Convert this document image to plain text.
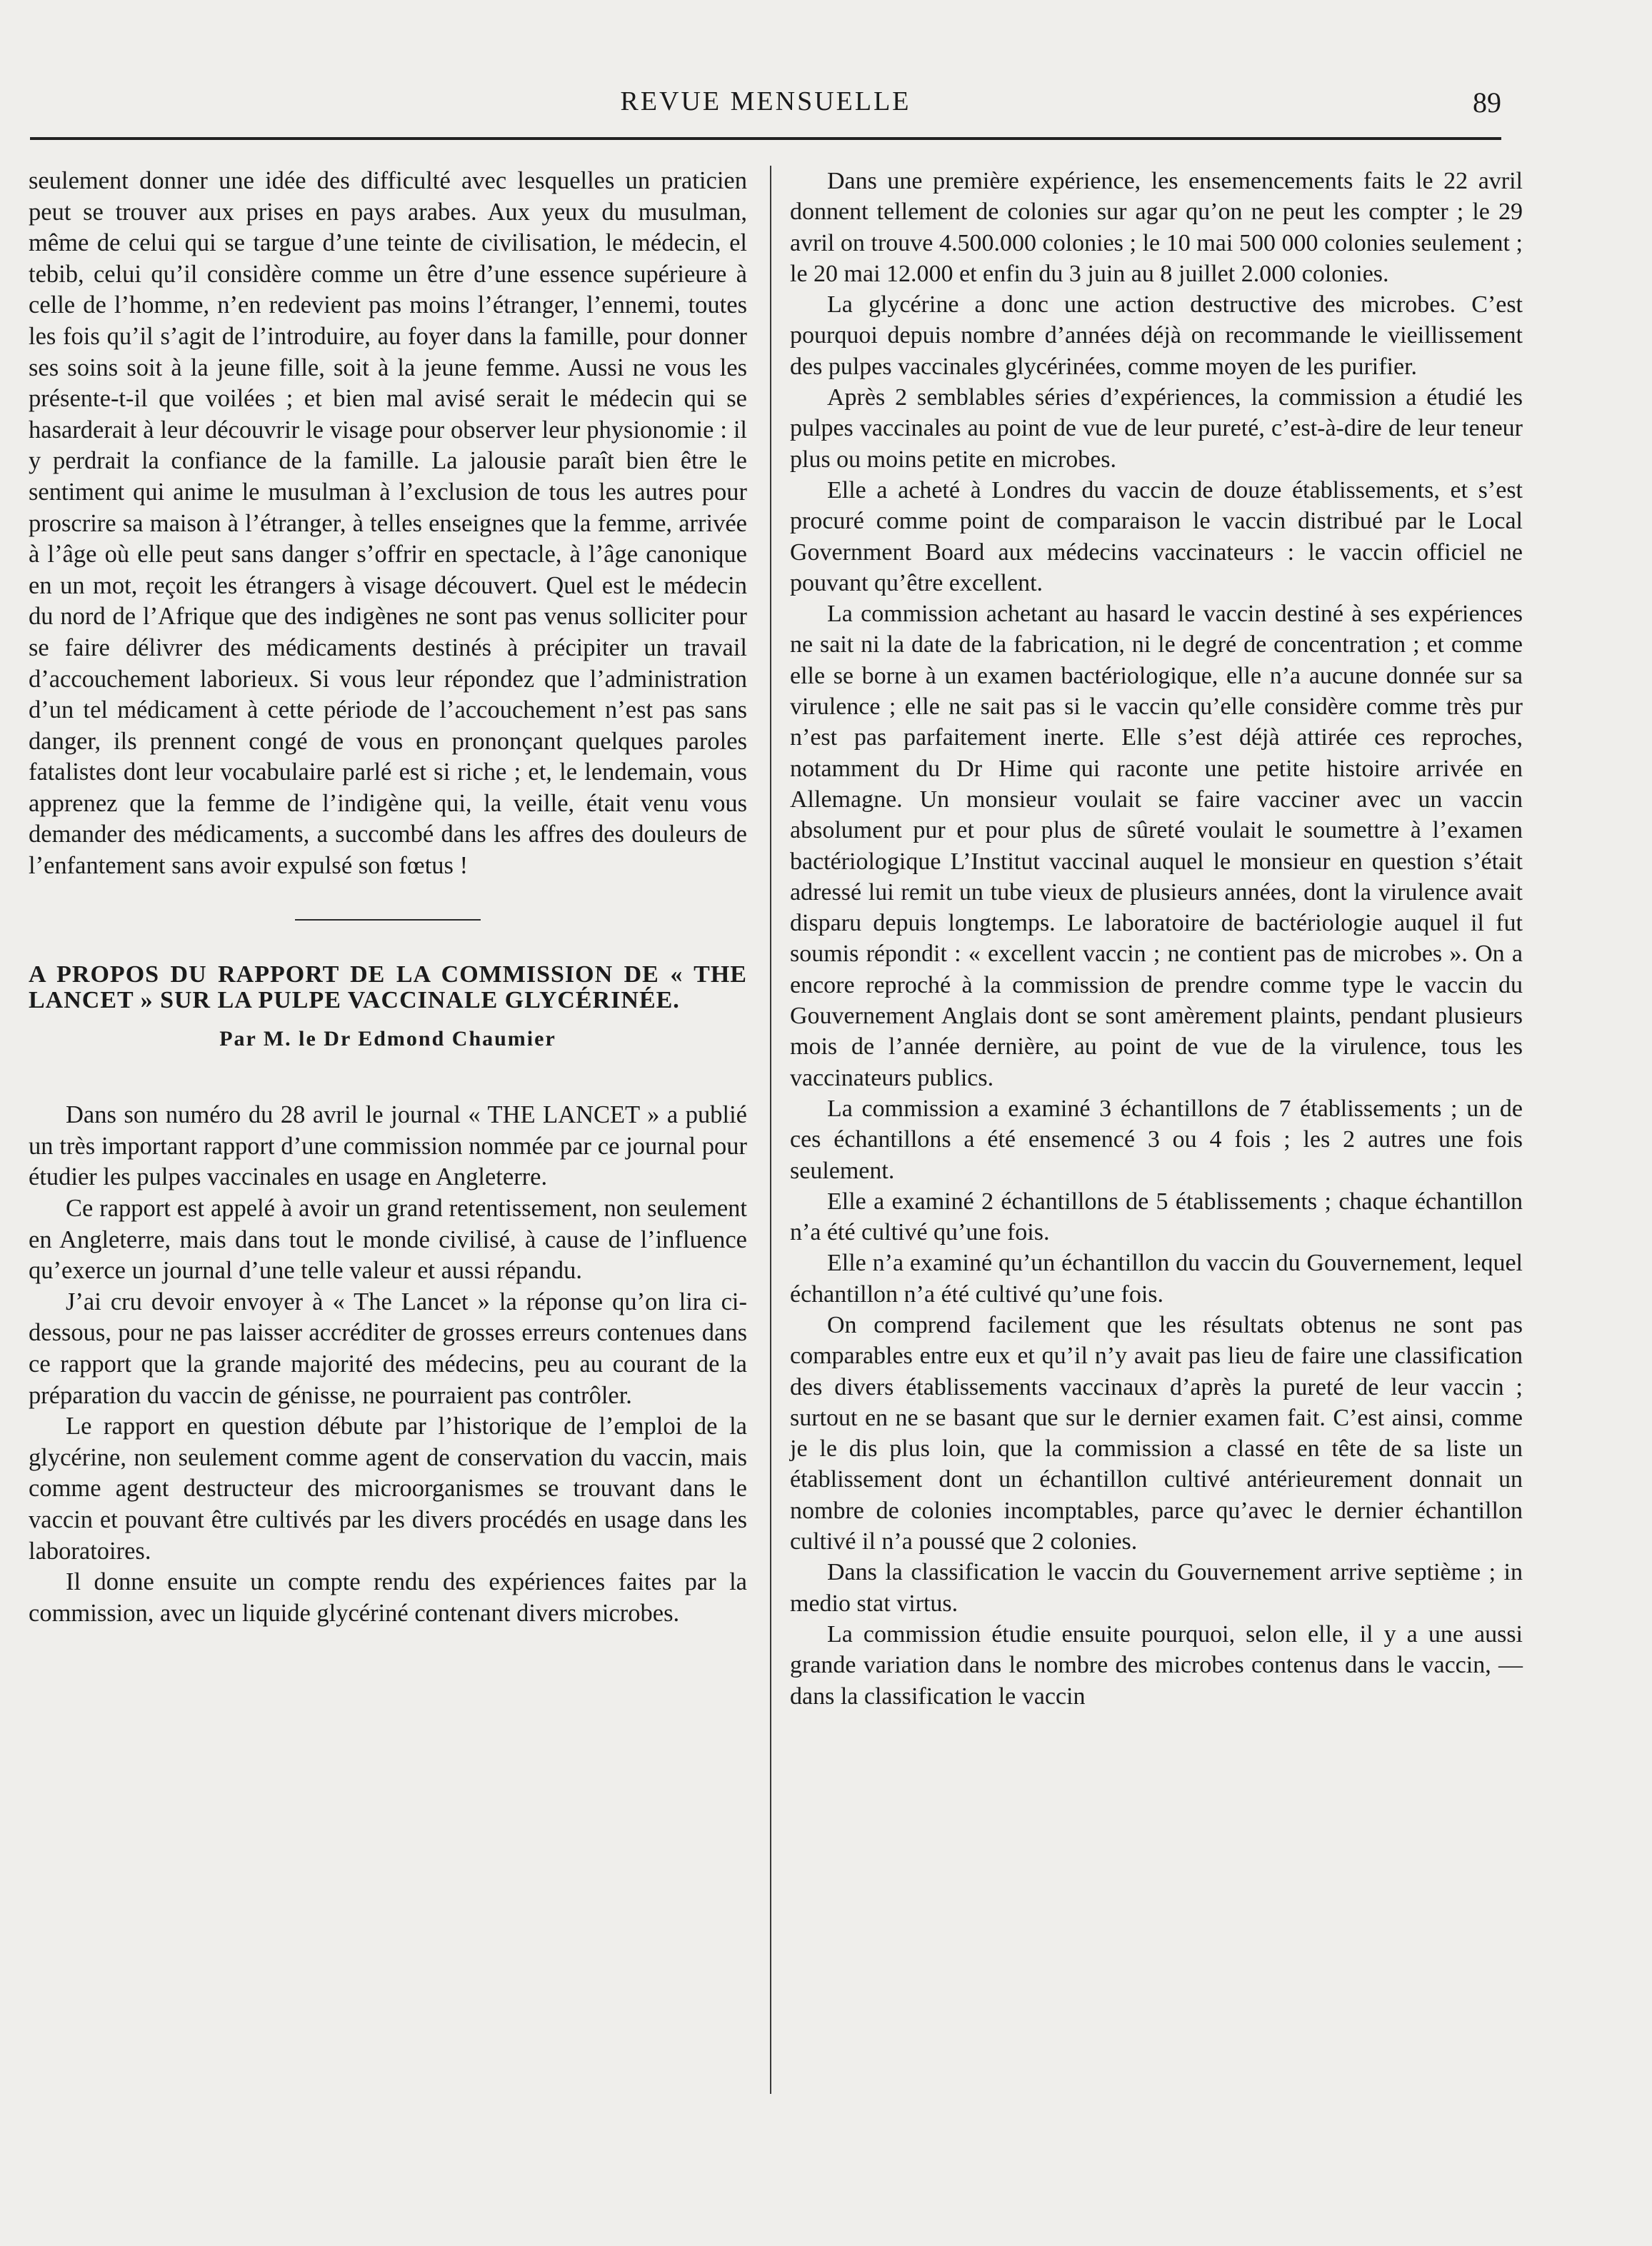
REVUE MENSUELLE	89

seulement donner une idée des difficulté avec lesquelles un praticien peut se trouver aux prises en pays arabes. Aux yeux du musulman, même de celui qui se targue d’une teinte de civilisation, le médecin, el tebib, celui qu’il considère comme un être d’une essence supérieure à celle de l’homme, n’en redevient pas moins l’étranger, l’ennemi, toutes les fois qu’il s’agit de l’introduire, au foyer dans la famille, pour donner ses soins soit à la jeune fille, soit à la jeune femme. Aussi ne vous les présente-t-il que voilées ; et bien mal avisé serait le médecin qui se hasarderait à leur découvrir le visage pour observer leur physionomie : il y perdrait la confiance de la famille. La jalousie paraît bien être le sentiment qui anime le musulman à l’exclusion de tous les autres pour proscrire sa maison à l’étranger, à telles enseignes que la femme, arrivée à l’âge où elle peut sans danger s’offrir en spectacle, à l’âge canonique en un mot, reçoit les étrangers à visage découvert. Quel est le médecin du nord de l’Afrique que des indigènes ne sont pas venus solliciter pour se faire délivrer des médicaments destinés à précipiter un travail d’accouchement laborieux. Si vous leur répondez que l’administration d’un tel médicament à cette période de l’accouchement n’est pas sans danger, ils prennent congé de vous en prononçant quelques paroles fatalistes dont leur vocabulaire parlé est si riche ; et, le lendemain, vous apprenez que la femme de l’indigène qui, la veille, était venu vous demander des médicaments, a succombé dans les affres des douleurs de l’enfantement sans avoir expulsé son fœtus !

A PROPOS DU RAPPORT DE LA COMMISSION DE « THE LANCET » SUR LA PULPE VACCINALE GLYCÉRINÉE.

Par M. le Dr Edmond Chaumier

Dans son numéro du 28 avril le journal « THE LANCET » a publié un très important rapport d’une commission nommée par ce journal pour étudier les pulpes vaccinales en usage en Angleterre.

Ce rapport est appelé à avoir un grand retentissement, non seulement en Angleterre, mais dans tout le monde civilisé, à cause de l’influence qu’exerce un journal d’une telle valeur et aussi répandu.

J’ai cru devoir envoyer à « The Lancet » la réponse qu’on lira ci-dessous, pour ne pas laisser accréditer de grosses erreurs contenues dans ce rapport que la grande majorité des médecins, peu au courant de la préparation du vaccin de génisse, ne pourraient pas contrôler.

Le rapport en question débute par l’historique de l’emploi de la glycérine, non seulement comme agent de conservation du vaccin, mais comme agent destructeur des microorganismes se trouvant dans le vaccin et pouvant être cultivés par les divers procédés en usage dans les laboratoires.

Il donne ensuite un compte rendu des expériences faites par la commission, avec un liquide glycériné contenant divers microbes.

Dans une première expérience, les ensemencements faits le 22 avril donnent tellement de colonies sur agar qu’on ne peut les compter ; le 29 avril on trouve 4.500.000 colonies ; le 10 mai 500 000 colonies seulement ; le 20 mai 12.000 et enfin du 3 juin au 8 juillet 2.000 colonies.

La glycérine a donc une action destructive des microbes. C’est pourquoi depuis nombre d’années déjà on recommande le vieillissement des pulpes vaccinales glycérinées, comme moyen de les purifier.

Après 2 semblables séries d’expériences, la commission a étudié les pulpes vaccinales au point de vue de leur pureté, c’est-à-dire de leur teneur plus ou moins petite en microbes.

Elle a acheté à Londres du vaccin de douze établissements, et s’est procuré comme point de comparaison le vaccin distribué par le Local Government Board aux médecins vaccinateurs : le vaccin officiel ne pouvant qu’être excellent.

La commission achetant au hasard le vaccin destiné à ses expériences ne sait ni la date de la fabrication, ni le degré de concentration ; et comme elle se borne à un examen bactériologique, elle n’a aucune donnée sur sa virulence ; elle ne sait pas si le vaccin qu’elle considère comme très pur n’est pas parfaitement inerte. Elle s’est déjà attirée ces reproches, notamment du Dr Hime qui raconte une petite histoire arrivée en Allemagne. Un monsieur voulait se faire vacciner avec un vaccin absolument pur et pour plus de sûreté voulait le soumettre à l’examen bactériologique L’Institut vaccinal auquel le monsieur en question s’était adressé lui remit un tube vieux de plusieurs années, dont la virulence avait disparu depuis longtemps. Le laboratoire de bactériologie auquel il fut soumis répondit : « excellent vaccin ; ne contient pas de microbes ». On a encore reproché à la commission de prendre comme type le vaccin du Gouvernement Anglais dont se sont amèrement plaints, pendant plusieurs mois de l’année dernière, au point de vue de la virulence, tous les vaccinateurs publics.

La commission a examiné 3 échantillons de 7 établissements ; un de ces échantillons a été ensemencé 3 ou 4 fois ; les 2 autres une fois seulement.

Elle a examiné 2 échantillons de 5 établissements ; chaque échantillon n’a été cultivé qu’une fois.

Elle n’a examiné qu’un échantillon du vaccin du Gouvernement, lequel échantillon n’a été cultivé qu’une fois.

On comprend facilement que les résultats obtenus ne sont pas comparables entre eux et qu’il n’y avait pas lieu de faire une classification des divers établissements vaccinaux d’après la pureté de leur vaccin ; surtout en ne se basant que sur le dernier examen fait. C’est ainsi, comme je le dis plus loin, que la commission a classé en tête de sa liste un établissement dont un échantillon cultivé antérieurement donnait un nombre de colonies incomptables, parce qu’avec le dernier échantillon cultivé il n’a poussé que 2 colonies.

Dans la classification le vaccin du Gouvernement arrive septième ; in medio stat virtus.

La commission étudie ensuite pourquoi, selon elle, il y a une aussi grande variation dans le nombre des microbes contenus dans le vaccin, — dans la classification le vaccin
